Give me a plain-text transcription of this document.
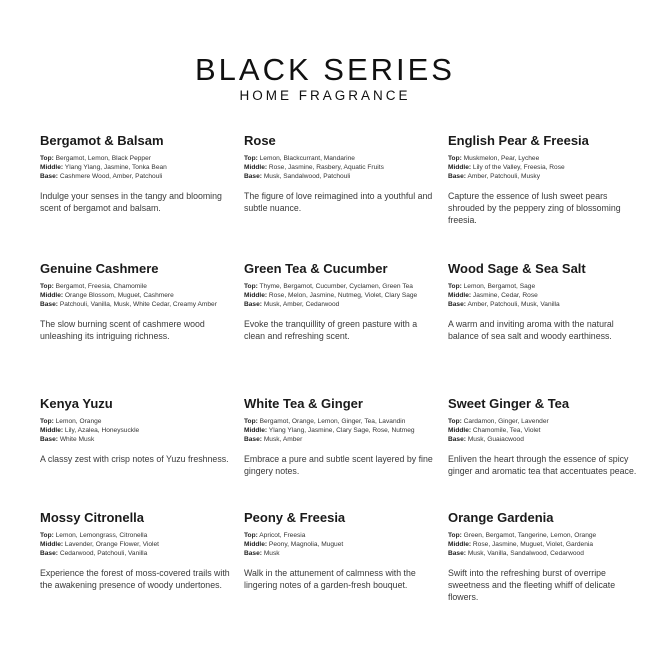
BLACK SERIES
HOME FRAGRANCE
Bergamot & Balsam
Top: Bergamot, Lemon, Black Pepper
Middle: Ylang Ylang, Jasmine, Tonka Bean
Base: Cashmere Wood, Amber, Patchouli
Indulge your senses in the tangy and blooming scent of bergamot and balsam.
Rose
Top: Lemon, Blackcurrant, Mandarine
Middle: Rose, Jasmine, Rasbery, Aquatic Fruits
Base: Musk, Sandalwood, Patchouli
The figure of love reimagined into a youthful and subtle nuance.
English Pear & Freesia
Top: Muskmelon, Pear, Lychee
Middle: Lily of the Valley, Freesia, Rose
Base: Amber, Patchouli, Musky
Capture the essence of lush sweet pears shrouded by the peppery zing of blossoming freesia.
Genuine Cashmere
Top: Bergamot, Freesia, Chamomile
Middle: Orange Blossom, Muguet, Cashmere
Base: Patchouli, Vanilla, Musk, White Cedar, Creamy Amber
The slow burning scent of cashmere wood unleashing its intriguing richness.
Green Tea & Cucumber
Top: Thyme, Bergamot, Cucumber, Cyclamen, Green Tea
Middle: Rose, Melon, Jasmine, Nutmeg, Violet, Clary Sage
Base: Musk, Amber, Cedarwood
Evoke the tranquillity of green pasture with a clean and refreshing scent.
Wood Sage & Sea Salt
Top: Lemon, Bergamot, Sage
Middle: Jasmine, Cedar, Rose
Base: Amber, Patchouli, Musk, Vanilla
A warm and inviting aroma with the natural balance of sea salt and woody earthiness.
Kenya Yuzu
Top: Lemon, Orange
Middle: Lily, Azalea, Honeysuckle
Base: White Musk
A classy zest with crisp notes of Yuzu freshness.
White Tea & Ginger
Top: Bergamot, Orange, Lemon, Ginger, Tea, Lavandin
Middle: Ylang Ylang, Jasmine, Clary Sage, Rose, Nutmeg
Base: Musk, Amber
Embrace a pure and subtle scent layered by fine gingery notes.
Sweet Ginger & Tea
Top: Cardamon, Ginger, Lavender
Middle: Chamomile, Tea, Violet
Base: Musk, Guaiacwood
Enliven the heart through the essence of spicy ginger and aromatic tea that accentuates peace.
Mossy Citronella
Top: Lemon, Lemongrass, Citronella
Middle: Lavender, Orange Flower, Violet
Base: Cedarwood, Patchouli, Vanilla
Experience the forest of moss-covered trails with the awakening presence of woody undertones.
Peony & Freesia
Top: Apricot, Freesia
Middle: Peony, Magnolia, Muguet
Base: Musk
Walk in the attunement of calmness with the lingering notes of a garden-fresh bouquet.
Orange Gardenia
Top: Green, Bergamot, Tangerine, Lemon, Orange
Middle: Rose, Jasmine, Muguet, Violet, Gardenia
Base: Musk, Vanilla, Sandalwood, Cedarwood
Swift into the refreshing burst of overripe sweetness and the fleeting whiff of delicate flowers.
